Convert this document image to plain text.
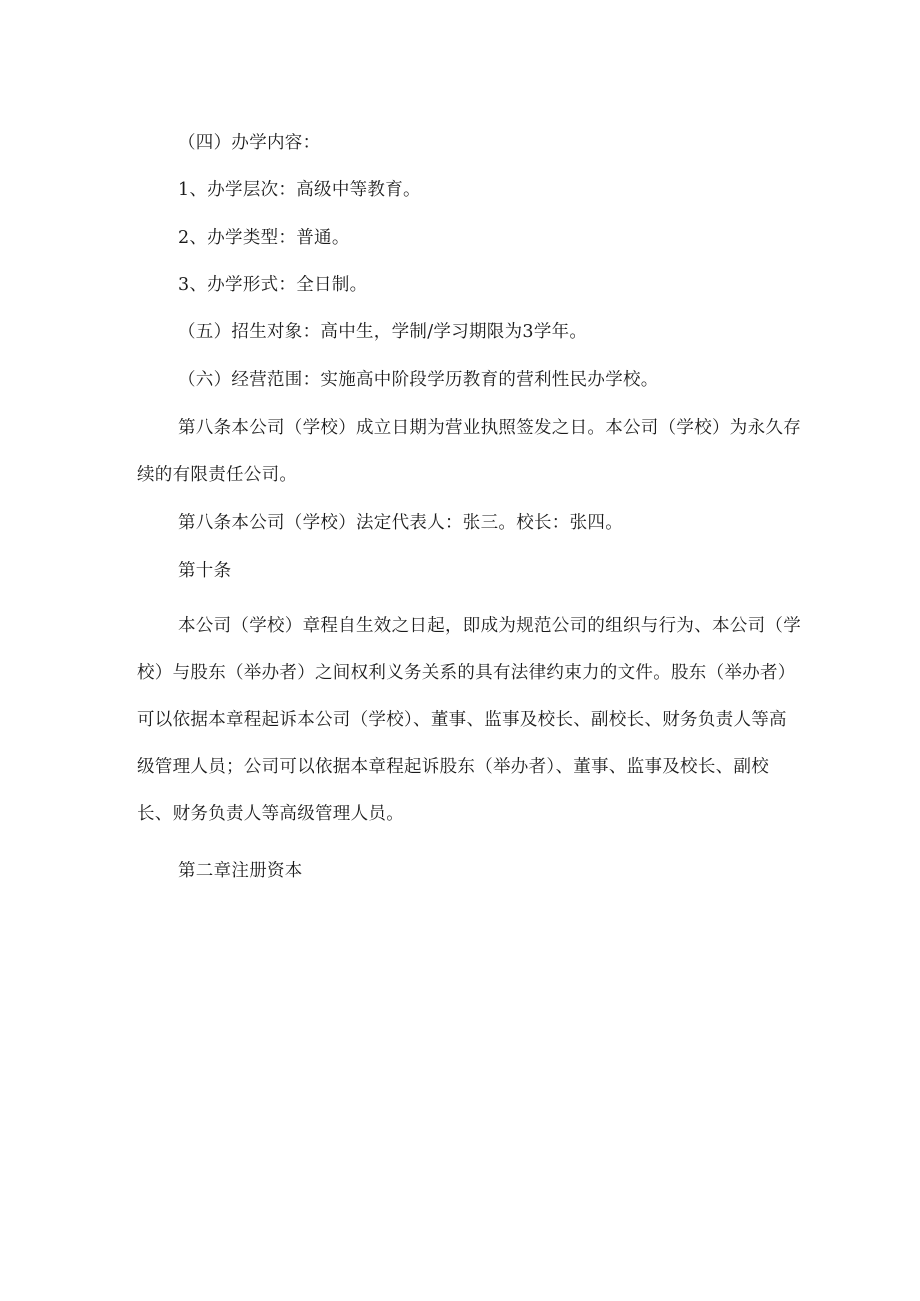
（四）办学内容：

1、办学层次：高级中等教育。

2、办学类型：普通。

3、办学形式：全日制。

（五）招生对象：高中生，学制/学习期限为3学年。

（六）经营范围：实施高中阶段学历教育的营利性民办学校。

第八条本公司（学校）成立日期为营业执照签发之日。本公司（学校）为永久存续的有限责任公司。

第八条本公司（学校）法定代表人：张三。校长：张四。

第十条

本公司（学校）章程自生效之日起，即成为规范公司的组织与行为、本公司（学校）与股东（举办者）之间权利义务关系的具有法律约束力的文件。股东（举办者）可以依据本章程起诉本公司（学校）、董事、监事及校长、副校长、财务负责人等高级管理人员；公司可以依据本章程起诉股东（举办者）、董事、监事及校长、副校长、财务负责人等高级管理人员。

第二章注册资本
